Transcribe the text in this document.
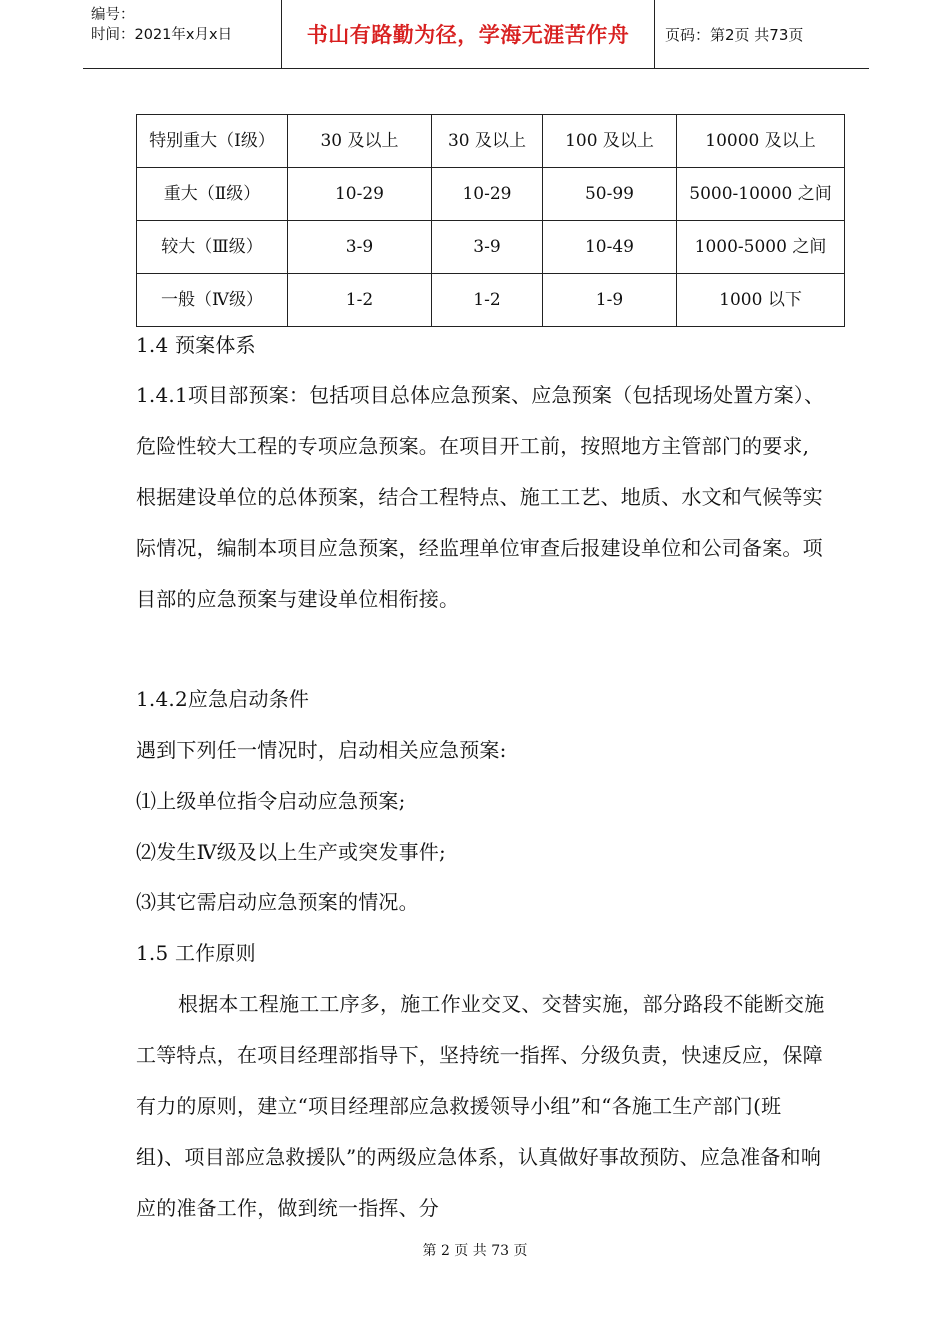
编号：
时间：2021年x月x日	书山有路勤为径，学海无涯苦作舟	页码：第2页 共73页
特别重大（Ⅰ级）	30 及以上	30 及以上	100 及以上	10000 及以上
重大（Ⅱ级）	10-29	10-29	50-99	5000-10000 之间
较大（Ⅲ级）	3-9	3-9	10-49	1000-5000 之间
一般（Ⅳ级）	1-2	1-2	1-9	1000 以下
1.4 预案体系
1.4.1项目部预案：包括项目总体应急预案、应急预案（包括现场处置方案）、危险性较大工程的专项应急预案。在项目开工前，按照地方主管部门的要求,根据建设单位的总体预案，结合工程特点、施工工艺、地质、水文和气候等实际情况，编制本项目应急预案，经监理单位审查后报建设单位和公司备案。项目部的应急预案与建设单位相衔接。
1.4.2应急启动条件
遇到下列任一情况时，启动相关应急预案:
⑴上级单位指令启动应急预案;
⑵发生Ⅳ级及以上生产或突发事件;
⑶其它需启动应急预案的情况。
1.5 工作原则
根据本工程施工工序多，施工作业交叉、交替实施，部分路段不能断交施工等特点，在项目经理部指导下，坚持统一指挥、分级负责，快速反应，保障有力的原则，建立“项目经理部应急救援领导小组”和“各施工生产部门(班组)、项目部应急救援队”的两级应急体系，认真做好事故预防、应急准备和响应的准备工作，做到统一指挥、分
第 2 页 共 73 页
